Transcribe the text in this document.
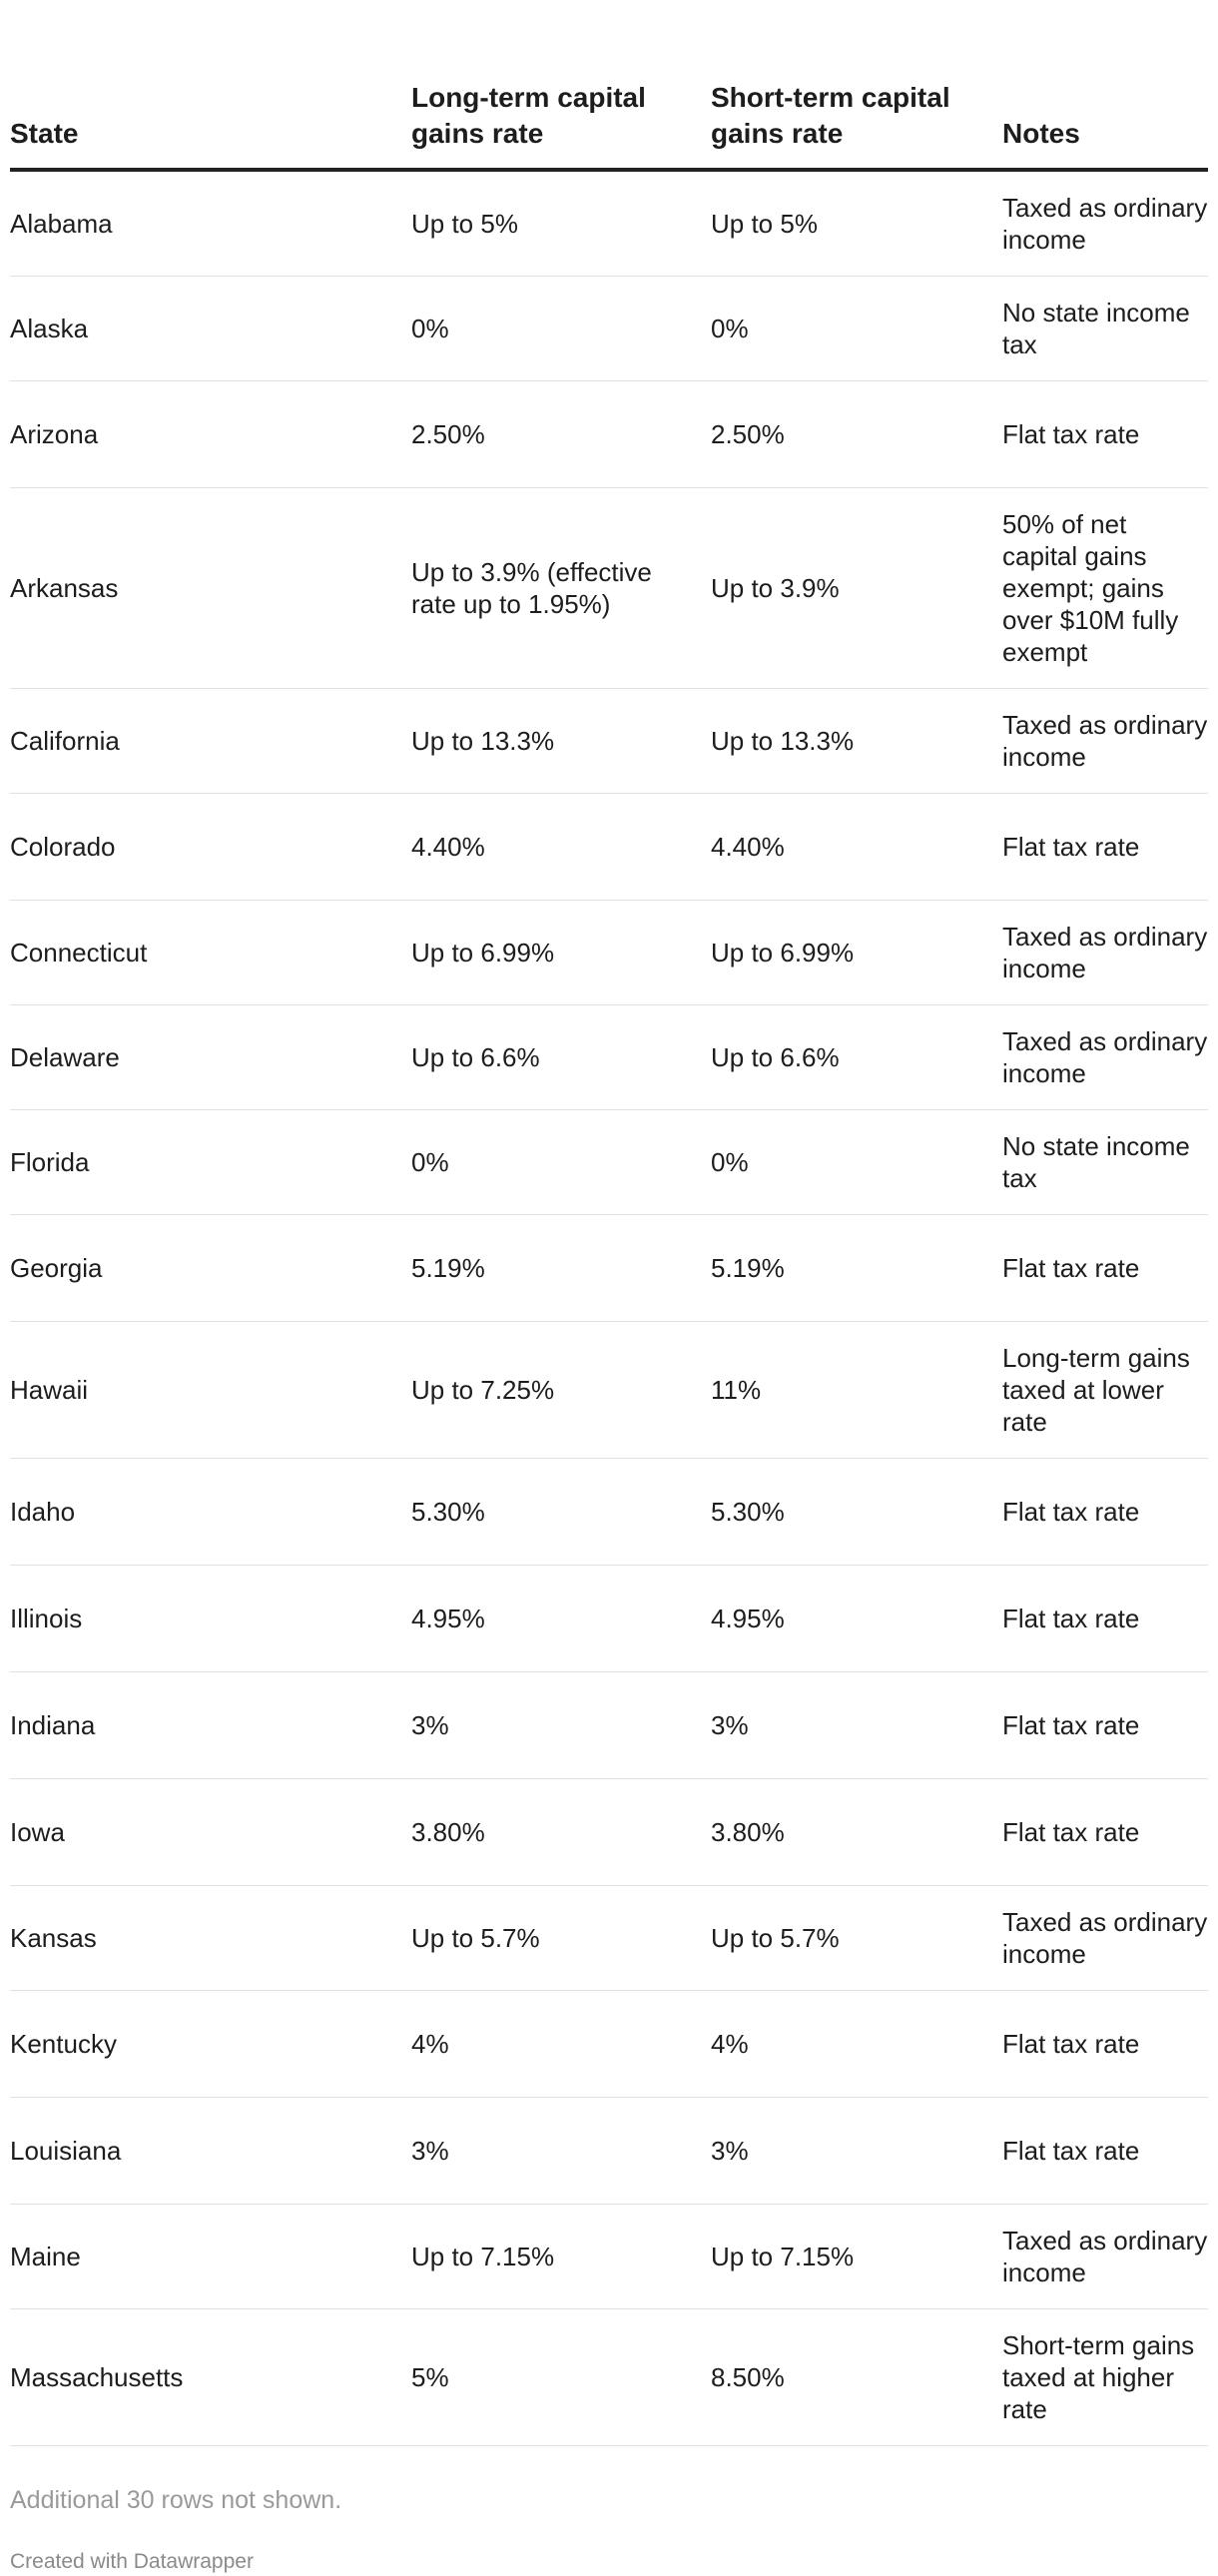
State	Long-term capital gains rate	Short-term capital gains rate	Notes
Alabama	Up to 5%	Up to 5%	Taxed as ordinary income
Alaska	0%	0%	No state income tax
Arizona	2.50%	2.50%	Flat tax rate
Arkansas	Up to 3.9% (effective rate up to 1.95%)	Up to 3.9%	50% of net capital gains exempt; gains over $10M fully exempt
California	Up to 13.3%	Up to 13.3%	Taxed as ordinary income
Colorado	4.40%	4.40%	Flat tax rate
Connecticut	Up to 6.99%	Up to 6.99%	Taxed as ordinary income
Delaware	Up to 6.6%	Up to 6.6%	Taxed as ordinary income
Florida	0%	0%	No state income tax
Georgia	5.19%	5.19%	Flat tax rate
Hawaii	Up to 7.25%	11%	Long-term gains taxed at lower rate
Idaho	5.30%	5.30%	Flat tax rate
Illinois	4.95%	4.95%	Flat tax rate
Indiana	3%	3%	Flat tax rate
Iowa	3.80%	3.80%	Flat tax rate
Kansas	Up to 5.7%	Up to 5.7%	Taxed as ordinary income
Kentucky	4%	4%	Flat tax rate
Louisiana	3%	3%	Flat tax rate
Maine	Up to 7.15%	Up to 7.15%	Taxed as ordinary income
Massachusetts	5%	8.50%	Short-term gains taxed at higher rate
Additional 30 rows not shown.
Created with Datawrapper
